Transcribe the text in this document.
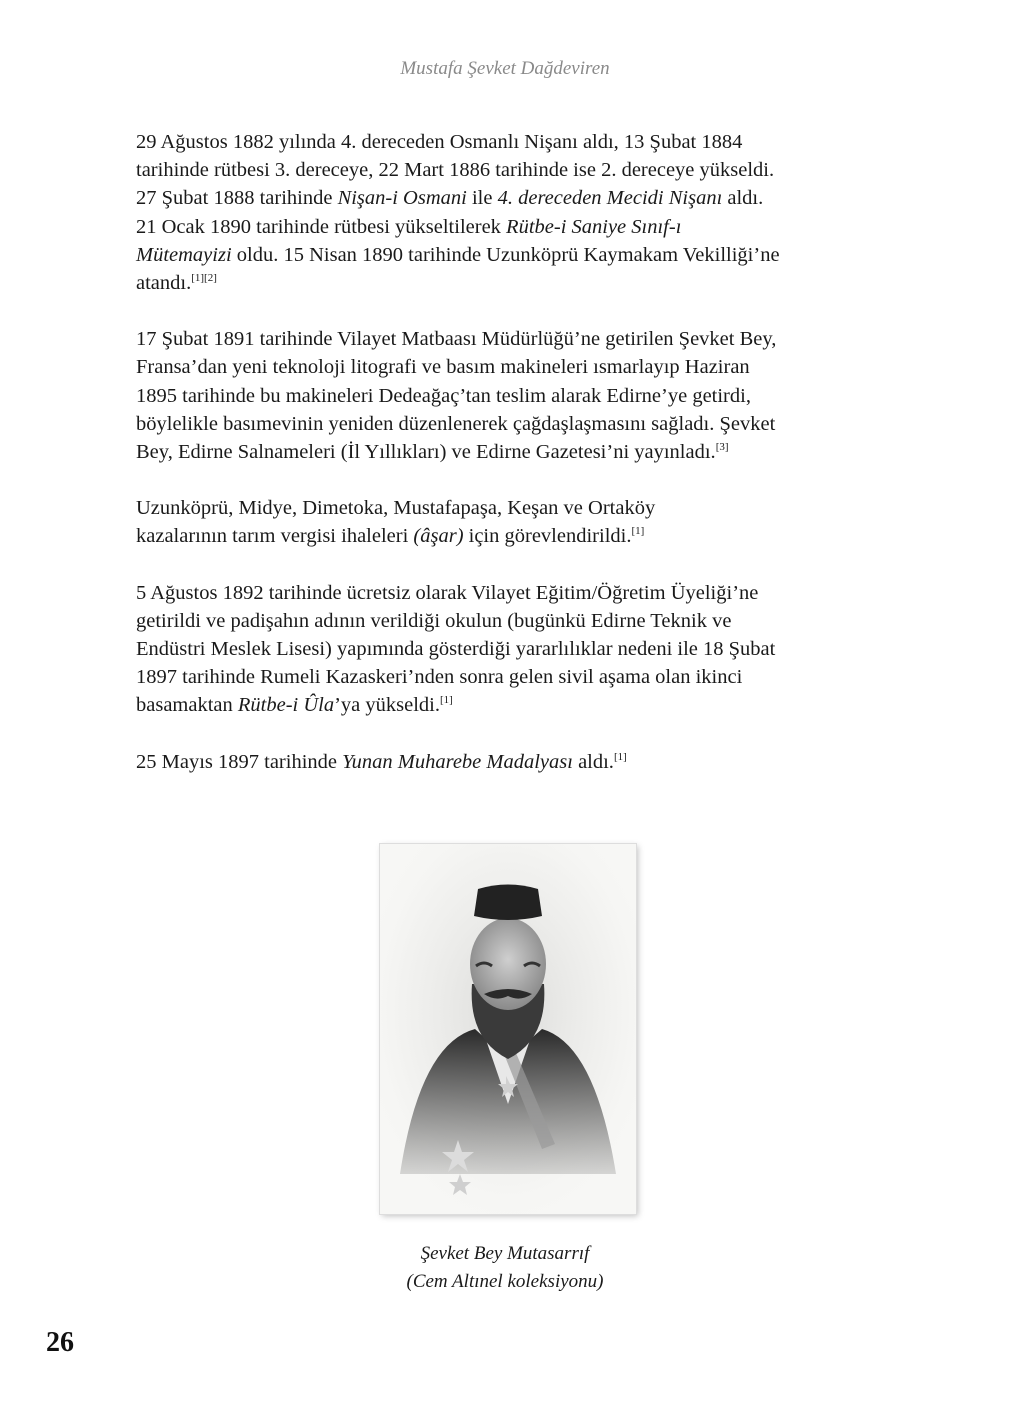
Mustafa Şevket Dağdeviren

29 Ağustos 1882 yılında 4. dereceden Osmanlı Nişanı aldı, 13 Şubat 1884
tarihinde rütbesi 3. dereceye, 22 Mart 1886 tarihinde ise 2. dereceye yükseldi.
27 Şubat 1888 tarihinde Nişan-i Osmani ile 4. dereceden Mecidi Nişanı aldı.
21 Ocak 1890 tarihinde rütbesi yükseltilerek Rütbe-i Saniye Sınıf-ı
Mütemayizi oldu. 15 Nisan 1890 tarihinde Uzunköprü Kaymakam Vekilliği’ne
atandı.[1][2]

17 Şubat 1891 tarihinde Vilayet Matbaası Müdürlüğü’ne getirilen Şevket Bey,
Fransa’dan yeni teknoloji litografi ve basım makineleri ısmarlayıp Haziran
1895 tarihinde bu makineleri Dedeağaç’tan teslim alarak Edirne’ye getirdi,
böylelikle basımevinin yeniden düzenlenerek çağdaşlaşmasını sağladı. Şevket
Bey, Edirne Salnameleri (İl Yıllıkları) ve Edirne Gazetesi’ni yayınladı.[3]

Uzunköprü, Midye, Dimetoka, Mustafapaşa, Keşan ve Ortaköy
kazalarının tarım vergisi ihaleleri (âşar) için görevlendirildi.[1]

5 Ağustos 1892 tarihinde ücretsiz olarak Vilayet Eğitim/Öğretim Üyeliği’ne
getirildi ve padişahın adının verildiği okulun (bugünkü Edirne Teknik ve
Endüstri Meslek Lisesi) yapımında gösterdiği yararlılıklar nedeni ile 18 Şubat
1897 tarihinde Rumeli Kazaskeri’nden sonra gelen sivil aşama olan ikinci
basamaktan Rütbe-i Ûla’ya yükseldi.[1]

25 Mayıs 1897 tarihinde Yunan Muharebe Madalyası aldı.[1]

Şevket Bey Mutasarrıf
(Cem Altınel koleksiyonu)
26
